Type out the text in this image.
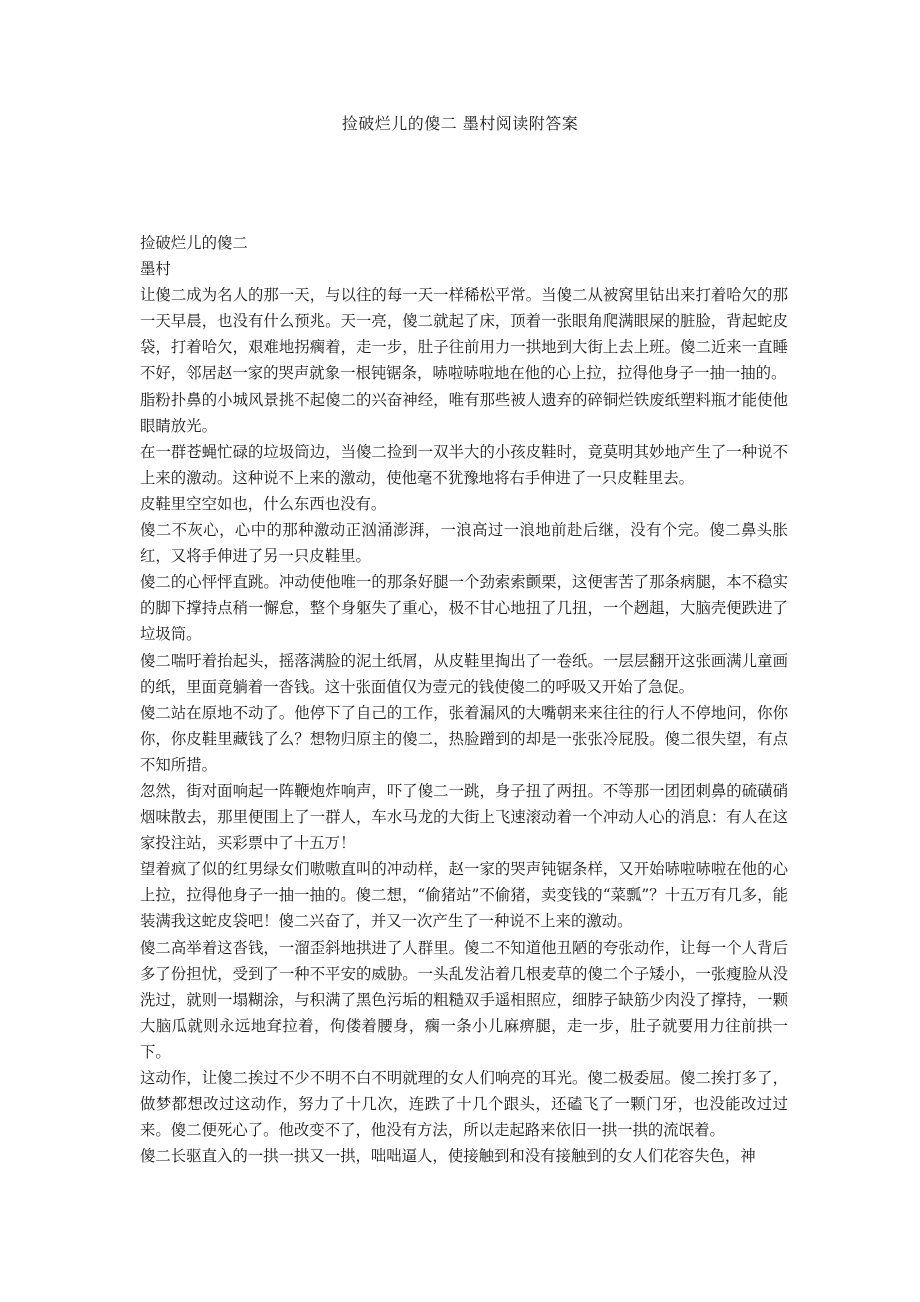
捡破烂儿的傻二 墨村阅读附答案
捡破烂儿的傻二
墨村

让傻二成为名人的那一天，与以往的每一天一样稀松平常。当傻二从被窝里钻出来打着哈欠的那一天早晨，也没有什么预兆。天一亮，傻二就起了床，顶着一张眼角爬满眼屎的脏脸，背起蛇皮袋，打着哈欠，艰难地拐瘸着，走一步，肚子往前用力一拱地到大街上去上班。傻二近来一直睡不好，邻居赵一家的哭声就象一根钝锯条，哧啦哧啦地在他的心上拉，拉得他身子一抽一抽的。

脂粉扑鼻的小城风景挑不起傻二的兴奋神经，唯有那些被人遗弃的碎铜烂铁废纸塑料瓶才能使他眼睛放光。

在一群苍蝇忙碌的垃圾筒边，当傻二捡到一双半大的小孩皮鞋时，竟莫明其妙地产生了一种说不上来的激动。这种说不上来的激动，使他毫不犹豫地将右手伸进了一只皮鞋里去。

皮鞋里空空如也，什么东西也没有。

傻二不灰心，心中的那种激动正汹涌澎湃，一浪高过一浪地前赴后继，没有个完。傻二鼻头胀红，又将手伸进了另一只皮鞋里。

傻二的心怦怦直跳。冲动使他唯一的那条好腿一个劲索索颤栗，这便害苦了那条病腿，本不稳实的脚下撑持点稍一懈怠，整个身躯失了重心，极不甘心地扭了几扭，一个趔趄，大脑壳便跌进了垃圾筒。

傻二喘吁着抬起头，摇落满脸的泥土纸屑，从皮鞋里掏出了一卷纸。一层层翻开这张画满儿童画的纸，里面竟躺着一沓钱。这十张面值仅为壹元的钱使傻二的呼吸又开始了急促。

傻二站在原地不动了。他停下了自己的工作，张着漏风的大嘴朝来来往往的行人不停地问，你你你，你皮鞋里藏钱了么？想物归原主的傻二，热脸蹭到的却是一张张冷屁股。傻二很失望，有点不知所措。

忽然，街对面响起一阵鞭炮炸响声，吓了傻二一跳，身子扭了两扭。不等那一团团刺鼻的硫磺硝烟味散去，那里便围上了一群人，车水马龙的大街上飞速滚动着一个冲动人心的消息：有人在这家投注站，买彩票中了十五万！

望着疯了似的红男绿女们嗷嗷直叫的冲动样，赵一家的哭声钝锯条样，又开始哧啦哧啦在他的心上拉，拉得他身子一抽一抽的。傻二想，“偷猪站”不偷猪，卖变钱的“菜瓢”？十五万有几多，能装满我这蛇皮袋吧！傻二兴奋了，并又一次产生了一种说不上来的激动。

傻二高举着这沓钱，一溜歪斜地拱进了人群里。傻二不知道他丑陋的夸张动作，让每一个人背后多了份担忧，受到了一种不平安的威胁。一头乱发沾着几根麦草的傻二个子矮小，一张瘦脸从没洗过，就则一塌糊涂，与积满了黑色污垢的粗糙双手遥相照应，细脖子缺筋少肉没了撑持，一颗大脑瓜就则永远地耷拉着，佝偻着腰身，瘸一条小儿麻痹腿，走一步，肚子就要用力往前拱一下。

这动作，让傻二挨过不少不明不白不明就理的女人们响亮的耳光。傻二极委屈。傻二挨打多了，做梦都想改过这动作，努力了十几次，连跌了十几个跟头，还磕飞了一颗门牙，也没能改过过来。傻二便死心了。他改变不了，他没有方法，所以走起路来依旧一拱一拱的流氓着。

傻二长驱直入的一拱一拱又一拱，咄咄逼人，使接触到和没有接触到的女人们花容失色，神
